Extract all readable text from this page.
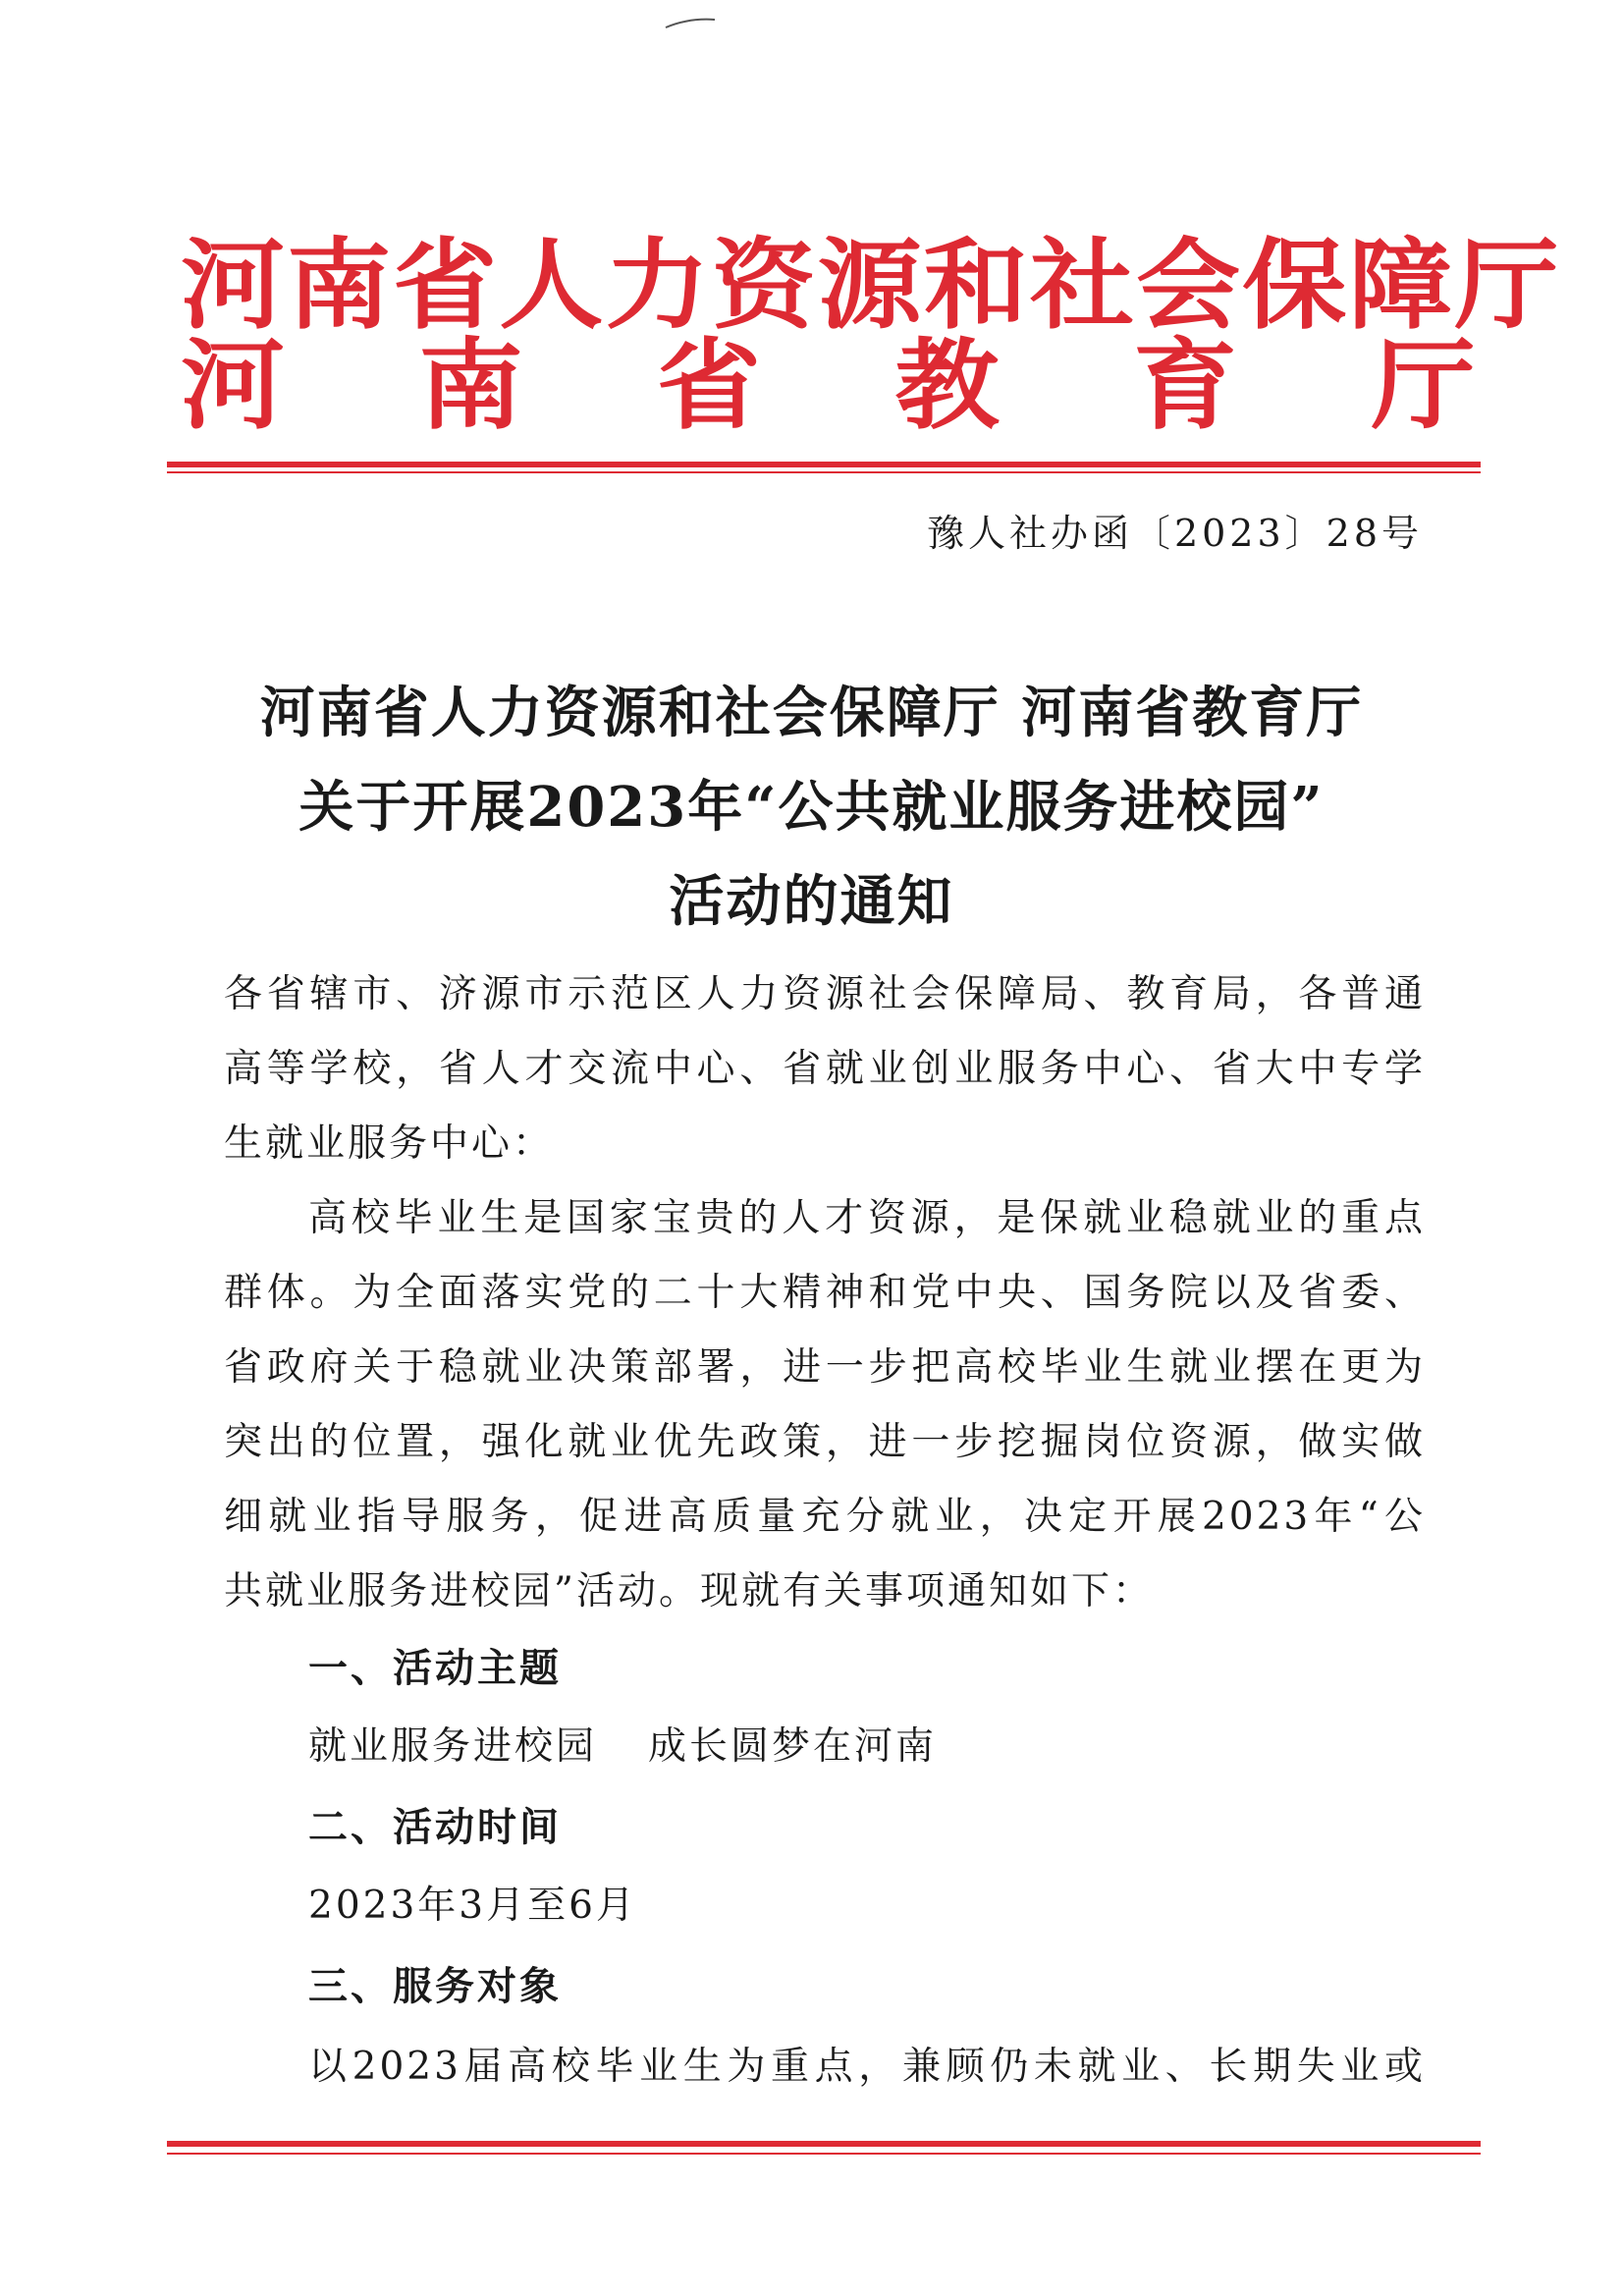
河南省人力资源和社会保障厅
河 南 省 教 育 厅
豫人社办函〔2023〕28号
河南省人力资源和社会保障厅 河南省教育厅
关于开展2023年“公共就业服务进校园”
活动的通知
各省辖市、济源市示范区人力资源社会保障局、教育局，各普通
高等学校，省人才交流中心、省就业创业服务中心、省大中专学
生就业服务中心：
高校毕业生是国家宝贵的人才资源，是保就业稳就业的重点
群体。为全面落实党的二十大精神和党中央、国务院以及省委、
省政府关于稳就业决策部署，进一步把高校毕业生就业摆在更为
突出的位置，强化就业优先政策，进一步挖掘岗位资源，做实做
细就业指导服务，促进高质量充分就业，决定开展2023年“公
共就业服务进校园”活动。现就有关事项通知如下：
一、活动主题
就业服务进校园 成长圆梦在河南
二、活动时间
2023年3月至6月
三、服务对象
以2023届高校毕业生为重点，兼顾仍未就业、长期失业或
